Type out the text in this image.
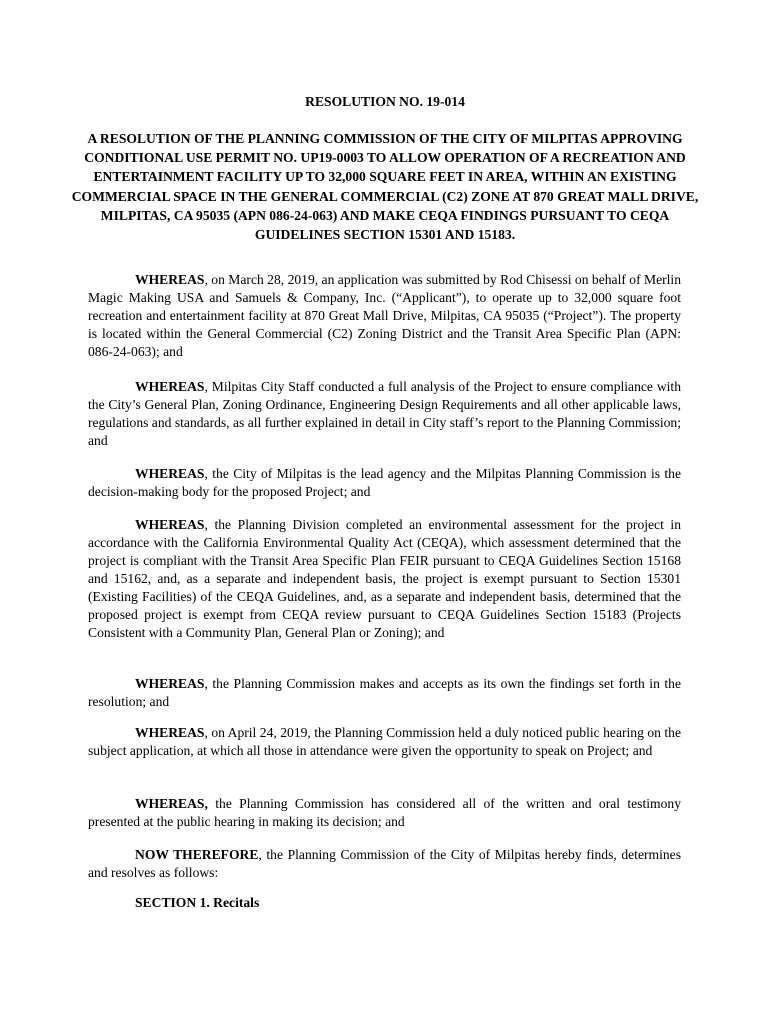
RESOLUTION NO. 19-014
A RESOLUTION OF THE PLANNING COMMISSION OF THE CITY OF MILPITAS APPROVING CONDITIONAL USE PERMIT NO. UP19-0003 TO ALLOW OPERATION OF A RECREATION AND ENTERTAINMENT FACILITY UP TO 32,000 SQUARE FEET IN AREA, WITHIN AN EXISTING COMMERCIAL SPACE IN THE GENERAL COMMERCIAL (C2) ZONE AT 870 GREAT MALL DRIVE, MILPITAS, CA 95035 (APN 086-24-063) AND MAKE CEQA FINDINGS PURSUANT TO CEQA GUIDELINES SECTION 15301 AND 15183.

WHEREAS, on March 28, 2019, an application was submitted by Rod Chisessi on behalf of Merlin Magic Making USA and Samuels & Company, Inc. (“Applicant”), to operate up to 32,000 square foot recreation and entertainment facility at 870 Great Mall Drive, Milpitas, CA 95035 (“Project”). The property is located within the General Commercial (C2) Zoning District and the Transit Area Specific Plan (APN: 086-24-063); and

WHEREAS, Milpitas City Staff conducted a full analysis of the Project to ensure compliance with the City’s General Plan, Zoning Ordinance, Engineering Design Requirements and all other applicable laws, regulations and standards, as all further explained in detail in City staff’s report to the Planning Commission; and

WHEREAS, the City of Milpitas is the lead agency and the Milpitas Planning Commission is the decision-making body for the proposed Project; and

WHEREAS, the Planning Division completed an environmental assessment for the project in accordance with the California Environmental Quality Act (CEQA), which assessment determined that the project is compliant with the Transit Area Specific Plan FEIR pursuant to CEQA Guidelines Section 15168 and 15162, and, as a separate and independent basis, the project is exempt pursuant to Section 15301 (Existing Facilities) of the CEQA Guidelines, and, as a separate and independent basis, determined that the proposed project is exempt from CEQA review pursuant to CEQA Guidelines Section 15183 (Projects Consistent with a Community Plan, General Plan or Zoning); and

WHEREAS, the Planning Commission makes and accepts as its own the findings set forth in the resolution; and

WHEREAS, on April 24, 2019, the Planning Commission held a duly noticed public hearing on the subject application, at which all those in attendance were given the opportunity to speak on Project; and

WHEREAS, the Planning Commission has considered all of the written and oral testimony presented at the public hearing in making its decision; and

NOW THEREFORE, the Planning Commission of the City of Milpitas hereby finds, determines and resolves as follows:

SECTION 1. Recitals
